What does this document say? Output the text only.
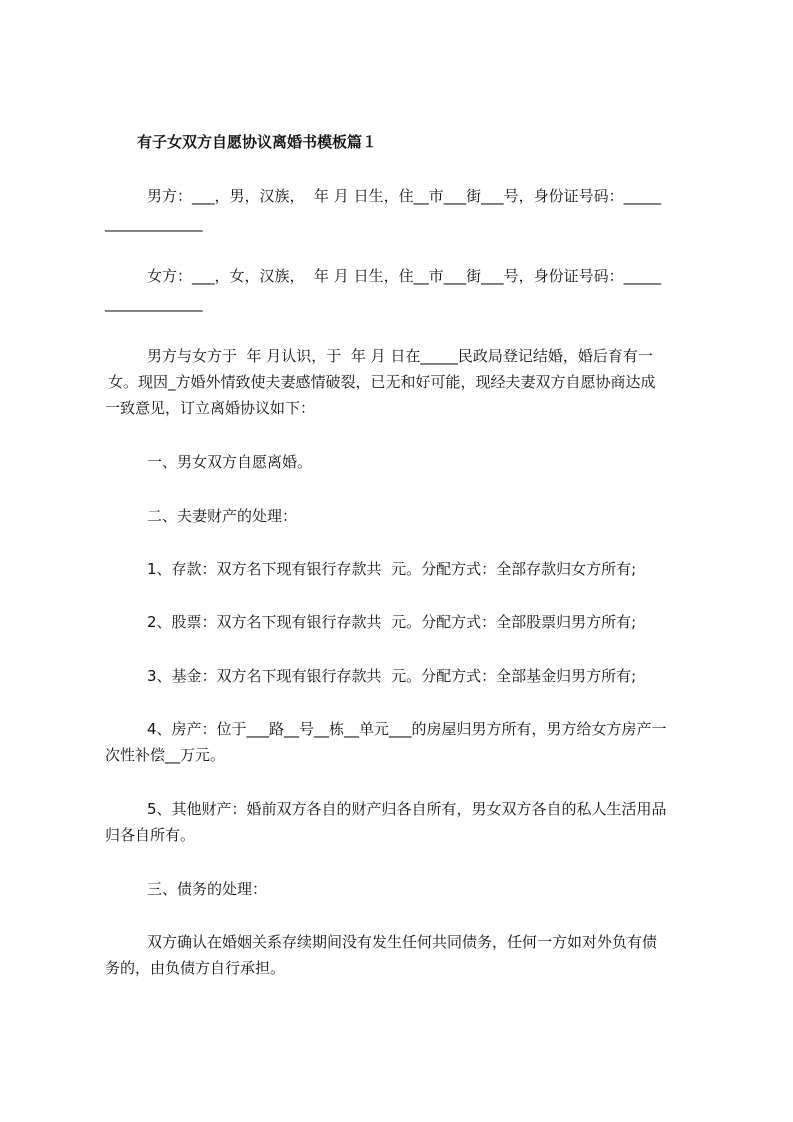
有子女双方自愿协议离婚书模板篇１
男方：___，男，汉族，  年 月 日生，住__市___街___号，身份证号码：_____
_____________
女方：___，女，汉族，  年 月 日生，住__市___街___号，身份证号码：_____
_____________
男方与女方于  年 月认识，于  年 月 日在_____民政局登记结婚，婚后育有一
女。现因_方婚外情致使夫妻感情破裂，已无和好可能，现经夫妻双方自愿协商达成
一致意见，订立离婚协议如下：
一、男女双方自愿离婚。
二、夫妻财产的处理：
1、存款：双方名下现有银行存款共  元。分配方式：全部存款归女方所有;
2、股票：双方名下现有银行存款共  元。分配方式：全部股票归男方所有;
3、基金：双方名下现有银行存款共  元。分配方式：全部基金归男方所有;
4、房产：位于___路__号__栋__单元___的房屋归男方所有，男方给女方房产一
次性补偿__万元。
5、其他财产：婚前双方各自的财产归各自所有，男女双方各自的私人生活用品
归各自所有。
三、债务的处理：
双方确认在婚姻关系存续期间没有发生任何共同债务，任何一方如对外负有债
务的，由负债方自行承担。
